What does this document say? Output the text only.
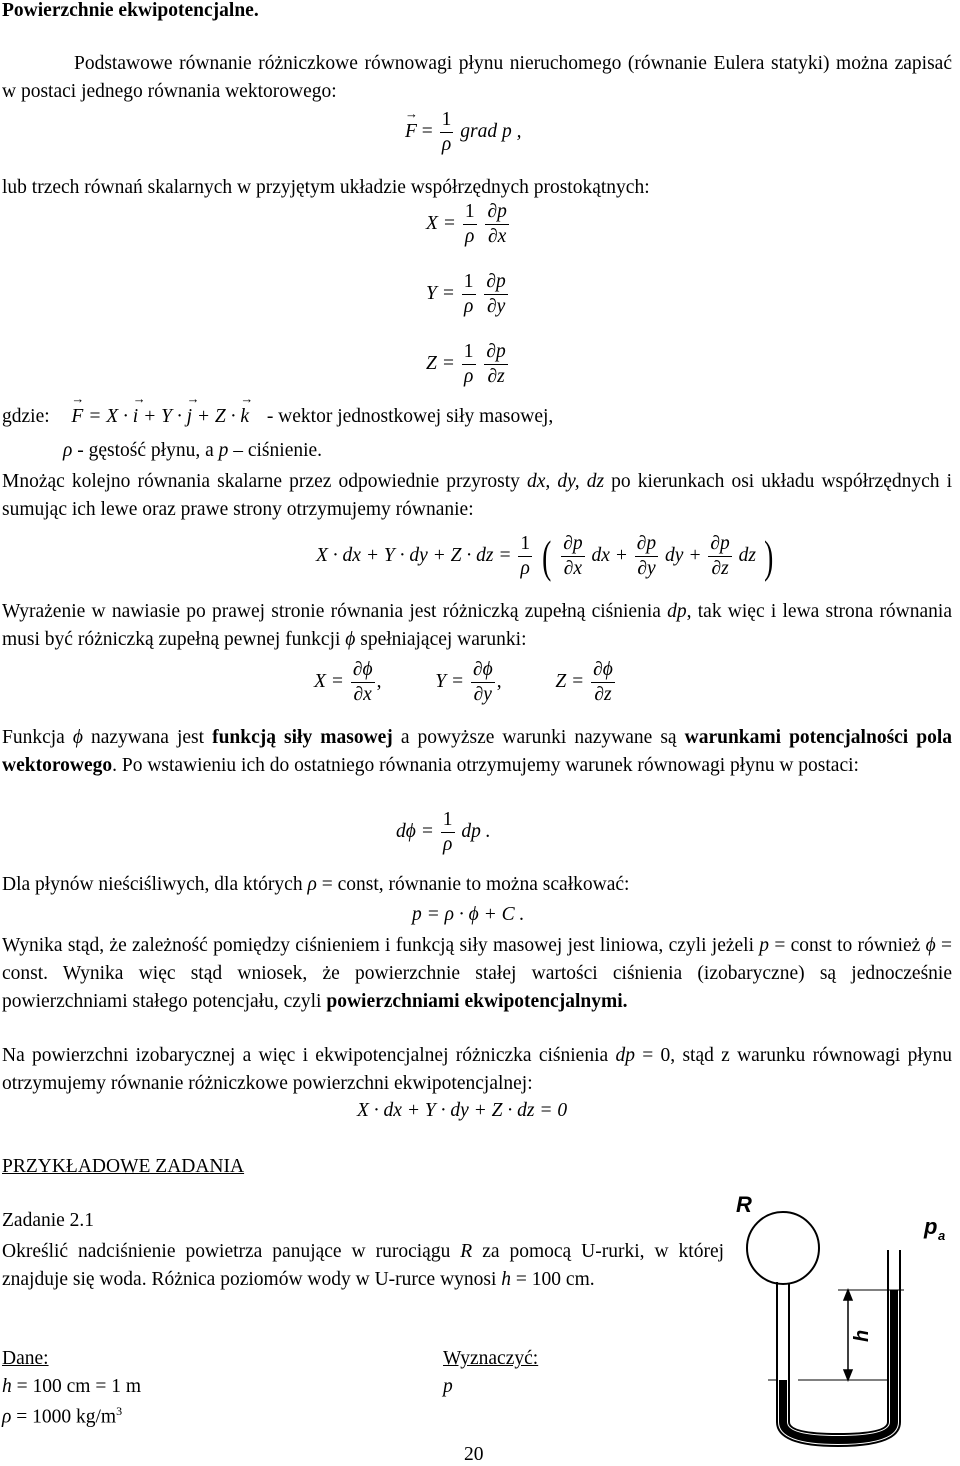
Powierzchnie ekwipotencjalne.
Podstawowe równanie różniczkowe równowagi płynu nieruchomego (równanie Eulera statyki) można zapisać w postaci jednego równania wektorowego:
→ $F = \frac{1}{\rho}$ grad p ,
lub trzech równań skalarnych w przyjętym układzie współrzędnych prostokątnych:
$X = \frac{1}{\rho}$
$\frac{\partial p}{\partial x}$
$Y = \frac{1}{\rho}$
$\frac{\partial p}{\partial y}$
$Z = \frac{1}{\rho}$
$\frac{\partial p}{\partial z}$
gdzie: → F = X · → i + Y · → j + Z · → k - wektor jednostkowej siły masowej,
ρ - gęstość płynu, a p – ciśnienie.
Mnożąc kolejno równania skalarne przez odpowiednie przyrosty dx, dy, dz po kierunkach osi układu współrzędnych i sumując ich lewe oraz prawe strony otrzymujemy równanie:
X · dx + Y · dy + Z · dz = $\frac{1}{\rho}$ ( $\frac{\partial p}{\partial x}$ dx + $\frac{\partial p}{\partial y}$ dy + $\frac{\partial p}{\partial z}$ dz )
Wyrażenie w nawiasie po prawej stronie równania jest różniczką zupełną ciśnienia dp, tak więc i lewa strona równania musi być różniczką zupełną pewnej funkcji ϕ spełniającej warunki:
$X = \frac{\partial\phi}{\partial x}$ ,	$Y = \frac{\partial\phi}{\partial y}$ ,	$Z = \frac{\partial\phi}{\partial z}$
Funkcja ϕ nazywana jest funkcją siły masowej a powyższe warunki nazywane są warunkami potencjalności pola wektorowego. Po wstawieniu ich do ostatniego równania otrzymujemy warunek równowagi płynu w postaci:
$d\phi = \frac{1}{\rho}$ dp .
Dla płynów nieściśliwych, dla których ρ = const, równanie to można scałkować:
p = ρ · ϕ + C .
Wynika stąd, że zależność pomiędzy ciśnieniem i funkcją siły masowej jest liniowa, czyli jeżeli p = const to również ϕ = const. Wynika więc stąd wniosek, że powierzchnie stałej wartości ciśnienia (izobaryczne) są jednocześnie powierzchniami stałego potencjału, czyli powierzchniami ekwipotencjalnymi.
Na powierzchni izobarycznej a więc i ekwipotencjalnej różniczka ciśnienia dp = 0, stąd z warunku równowagi płynu otrzymujemy równanie różniczkowe powierzchni ekwipotencjalnej:
X · dx + Y · dy + Z · dz = 0
PRZYKŁADOWE ZADANIA
Zadanie 2.1
Określić nadciśnienie powietrza panujące w rurociągu R za pomocą U-rurki, w której znajduje się woda. Różnica poziomów wody w U-rurce wynosi h = 100 cm.
Dane:
h = 100 cm = 1 m
ρ = 1000 $kg/m^3$
Wyznaczyć:
p
R
p a
h
20
